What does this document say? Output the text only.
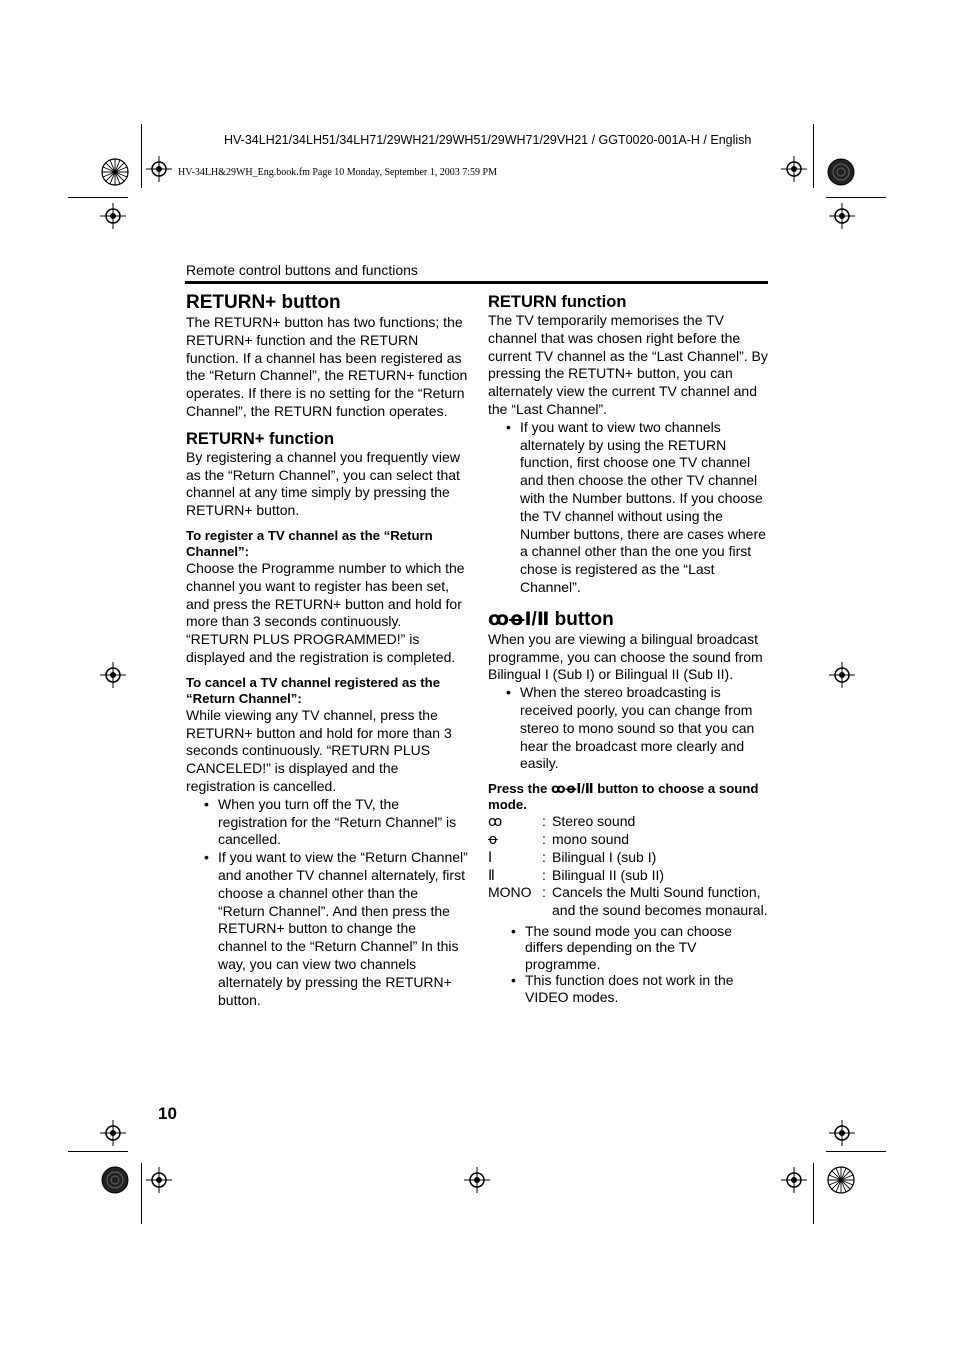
HV-34LH21/34LH51/34LH71/29WH21/29WH51/29WH71/29VH21 / GGT0020-001A-H / English
HV-34LH&29WH_Eng.book.fm Page 10 Monday, September 1, 2003 7:59 PM
Remote control buttons and functions
RETURN+ button

The RETURN+ button has two functions; the RETURN+ function and the RETURN function. If a channel has been registered as the “Return Channel”, the RETURN+ function operates. If there is no setting for the “Return Channel”, the RETURN function operates.

RETURN+ function

By registering a channel you frequently view as the “Return Channel”, you can select that channel at any time simply by pressing the RETURN+ button.

To register a TV channel as the “Return Channel”:

Choose the Programme number to which the channel you want to register has been set, and press the RETURN+ button and hold for more than 3 seconds continuously. “RETURN PLUS PROGRAMMED!” is displayed and the registration is completed.

To cancel a TV channel registered as the “Return Channel”:

While viewing any TV channel, press the RETURN+ button and hold for more than 3 seconds continuously. “RETURN PLUS CANCELED!” is displayed and the registration is cancelled.

• When you turn off the TV, the registration for the “Return Channel” is cancelled.
• If you want to view the “Return Channel” and another TV channel alternately, first choose a channel other than the “Return Channel”. And then press the RETURN+ button to change the channel to the “Return Channel” In this way, you can view two channels alternately by pressing the RETURN+ button.
RETURN function

The TV temporarily memorises the TV channel that was chosen right before the current TV channel as the “Last Channel”. By pressing the RETUTN+ button, you can alternately view the current TV channel and the “Last Channel”.

• If you want to view two channels alternately by using the RETURN function, first choose one TV channel and then choose the other TV channel with the Number buttons. If you choose the TV channel without using the Number buttons, there are cases where a channel other than the one you first chose is registered as the “Last Channel”.
ꝏꝋⅠ/Ⅱ button

When you are viewing a bilingual broadcast programme, you can choose the sound from Bilingual I (Sub I) or Bilingual II (Sub II).

• When the stereo broadcasting is received poorly, you can change from stereo to mono sound so that you can hear the broadcast more clearly and easily.

Press the ꝏꝋⅠ/Ⅱ button to choose a sound mode.

ꝏ	: Stereo sound
ꝋ	: mono sound
Ⅰ	: Bilingual I (sub I)
Ⅱ	: Bilingual II (sub II)
MONO : Cancels the Multi Sound function, and the sound becomes monaural.
• The sound mode you can choose differs depending on the TV programme.
• This function does not work in the VIDEO modes.
10
